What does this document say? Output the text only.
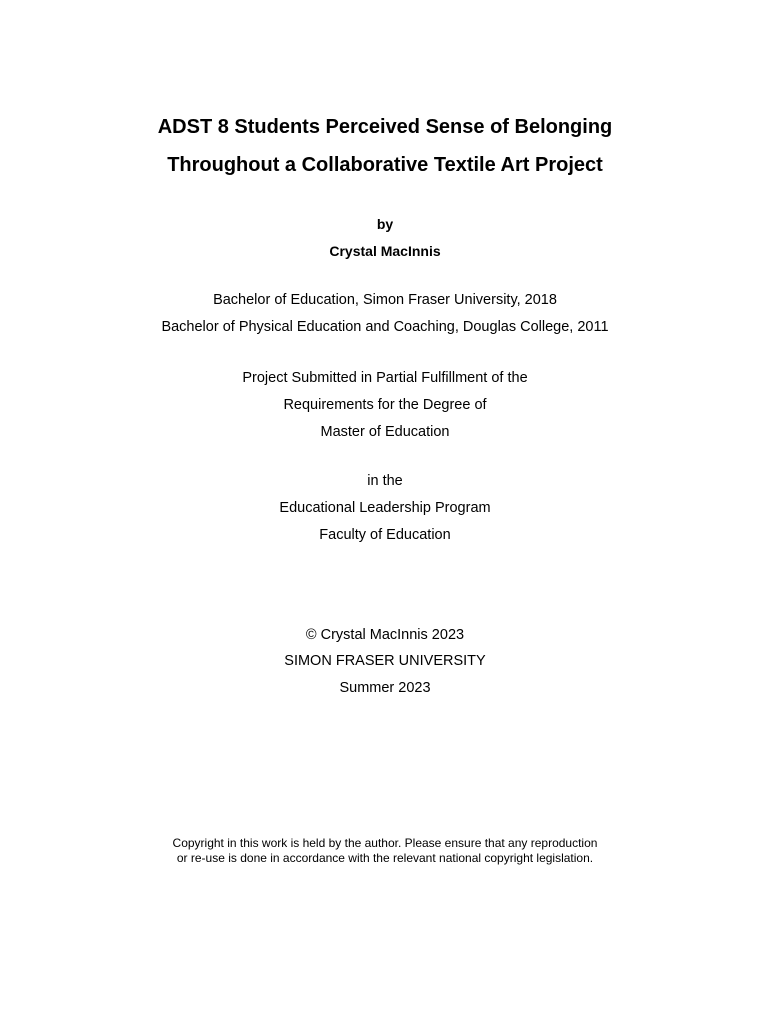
ADST 8 Students Perceived Sense of Belonging
Throughout a Collaborative Textile Art Project
by
Crystal MacInnis
Bachelor of Education, Simon Fraser University, 2018
Bachelor of Physical Education and Coaching, Douglas College, 2011
Project Submitted in Partial Fulfillment of the
Requirements for the Degree of
Master of Education
in the
Educational Leadership Program
Faculty of Education
© Crystal MacInnis 2023
SIMON FRASER UNIVERSITY
Summer 2023
Copyright in this work is held by the author. Please ensure that any reproduction
or re-use is done in accordance with the relevant national copyright legislation.
